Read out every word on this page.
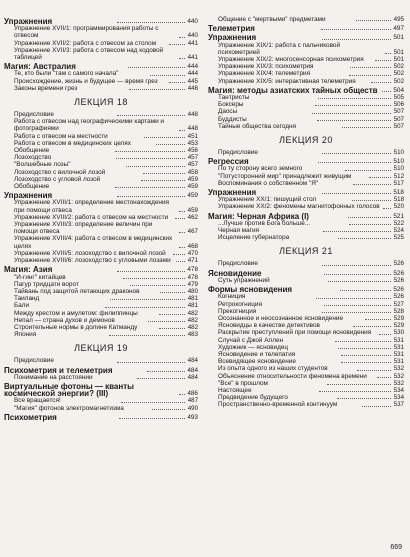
Упражнения	440
Упражнение XVII/1: программирования работы с отвесом	440
Упражнение XVII/2: работа с отвесом за столом	441
Упражнение XVII/3: работа с отвесом над кодовой таблицей	441
Магия: Австралия	444
Те, кто были "там с самого начала"	444
Происхождение, жизнь и будущее — время грез	445
Законы времени грез	446
ЛЕКЦИЯ 18
Предисловие	448
Работа с отвесом над географическими картами и фотографиями	448
Работа с отвесом на местности	451
Работа с отвесом в медицинских целях	453
Обобщение	456
Лозоходство	457
"Волшебные лозы"	457
Лозоходство с вилочной лозой	458
Лозоходство с угловой лозой	459
Обобщение	459
Упражнения	459
Упражнение XVIII/1: определение местонахождения при помощи отвеса	459
Упражнение XVIII/2: работа с отвесом на местности	462
Упражнение XVIII/3: определение величин при помощи отвеса	467
Упражнение XVIII/4: работа с отвесом в медицинских целях	468
Упражнение XVIII/5: лозоходство с вилочной лозой	470
Упражнение XVIII/6: лозоходство с угловыми лозами	471
Магия: Азия	478
"И-гинг" китайцев	478
Пагур тридцати ворот	479
Тайвань под защитой летающих драконов	480
Таиланд	481
Бали	481
Между крестом и амулетом: филиппинцы	482
Непал — страна духов и демонов	482
Строительные нормы в долине Катманду	482
Япония	483
ЛЕКЦИЯ 19
Предисловие	484
Психометрия и телеметрия	484
Понимание на расстоянии	484
Виртуальные фотоны — кванты космической энергии? (III)	486
Все вращается!	487
"Магия" фотонов электромагнетизма	490
Психометрия	493
Общение с "мертвыми" предметами	495
Телеметрия	497
Упражнения	501
Упражнение XIX/1: работа с пальчиковой психометрией	501
Упражнение XIX/2: многосенсорная психометрия	501
Упражнение XIX/3: психометрия	502
Упражнение XIX/4: телеметрия	502
Упражнение XIX/5: интерактивная телеметрия	502
Магия: методы азиатских тайных обществ	504
Тантристы	505
Боксеры	506
Даосы	507
Буддисты	507
Тайные общества сегодня	507
ЛЕКЦИЯ 20
Предисловие	510
Регрессия	510
По ту сторону всего земного	510
"Потусторонний мир" принадлежит живущим	512
Воспоминания о собственном "Я"	517
Упражнения	518
Упражнение XX/1: пишущий стол	518
Упражнение XX/2: феномены магнитофонных голосов	520
Магия: Черная Африка (I)	521
...Лучше против Бога больше...	522
Черная магия	524
Исцеление губернатора	525
ЛЕКЦИЯ 21
Предисловие	526
Ясновидение	526
Суть упражнений	526
Формы ясновидения	526
Когниция	526
Ретрокогниция	527
Прекогниция	528
Осознанное и неосознанное ясновидение	529
Ясновидцы в качестве детективов	529
Раскрытие преступлений при помощи ясновидения	530
Случай с Джой Аллен	531
Художник — ясновидец	531
Ясновидение и телепатия	531
Всевидящее ясновидение	531
Из опыта одного из наших студентов	532
Объяснение относительности феномена времени	532
"Все" в прошлом	532
Настоящее	534
Предвидение будущего	534
Пространственно-временной континуум	537
669
